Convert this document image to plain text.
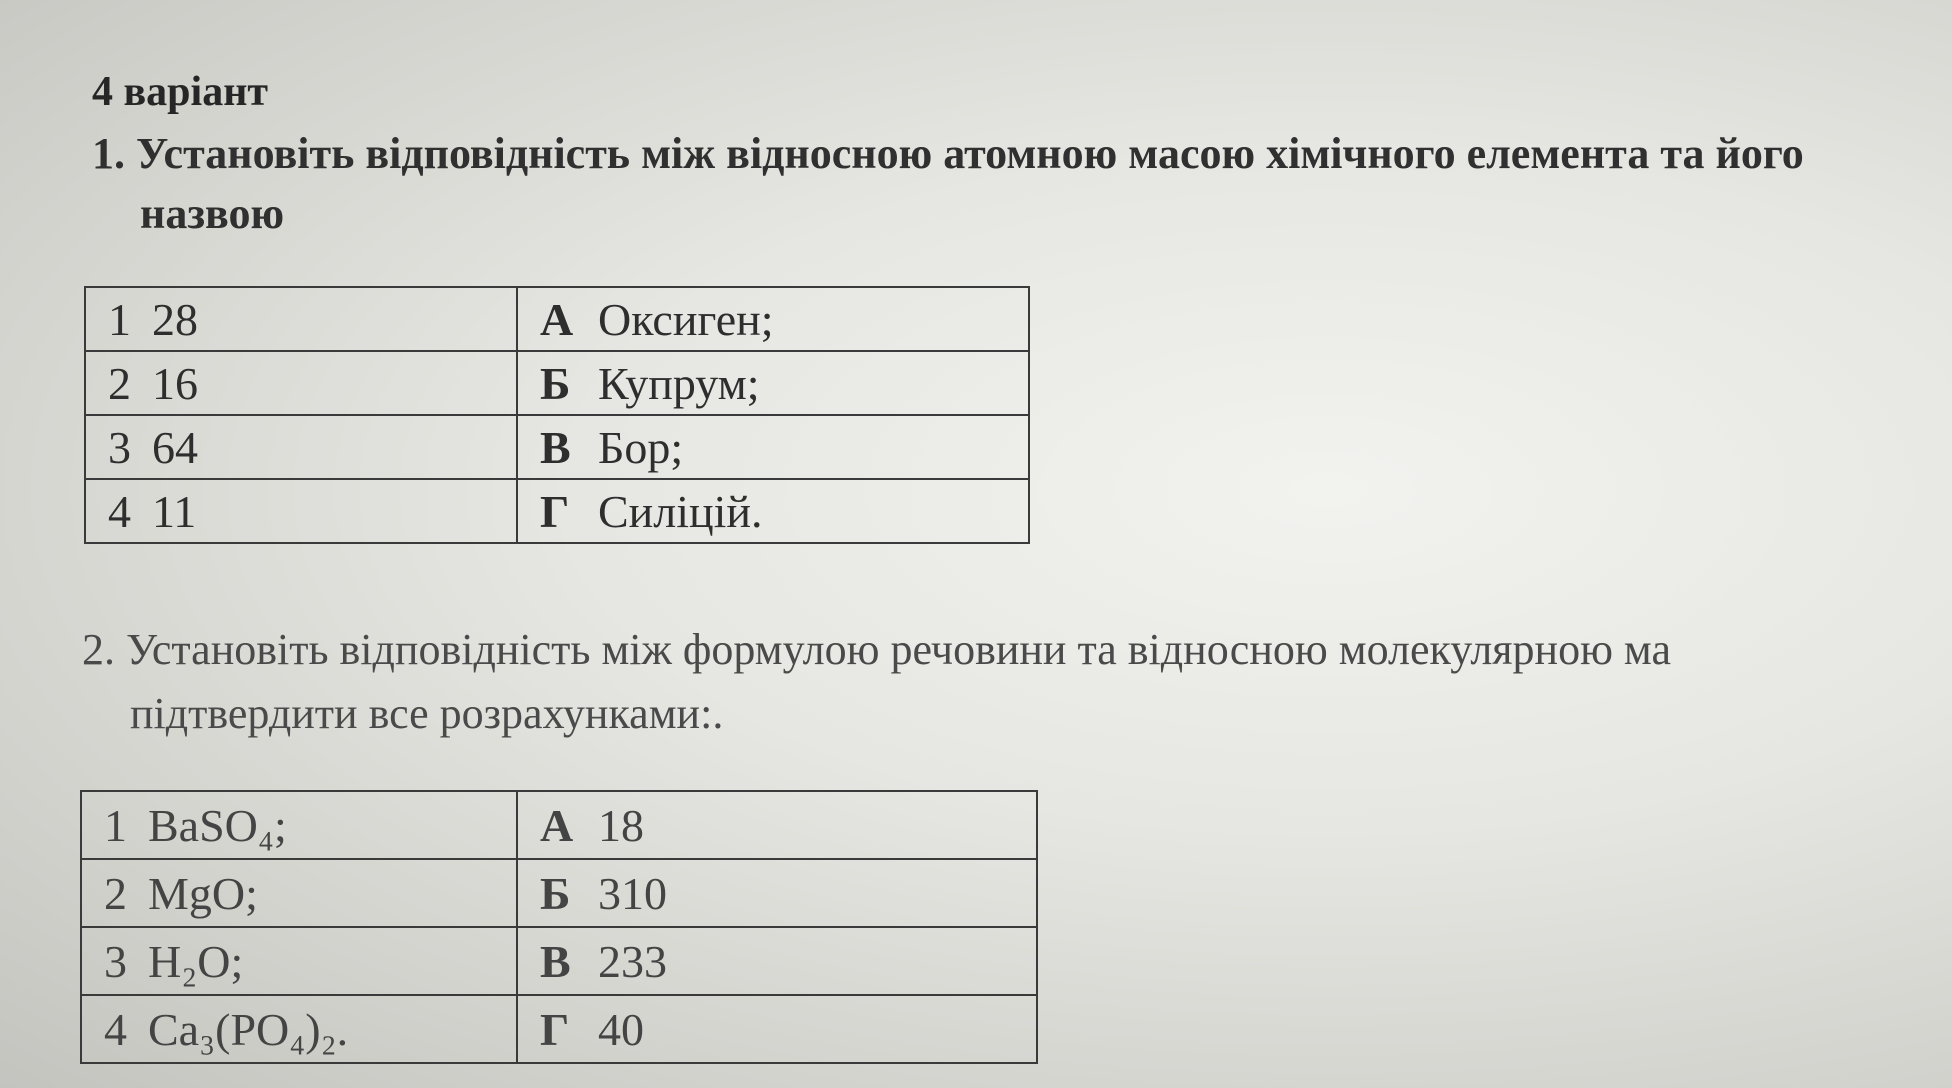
4 варіант
1. Установіть відповідність між відносною атомною масою хімічного елемента та його
назвою
1 28	А Оксиген;
2 16	Б Купрум;
3 64	В Бор;
4 11	Г Силіцій.
2. Установіть відповідність між формулою речовини та відносною молекулярною ма
підтвердити все розрахунками:.
1 BaSO₄;	А 18
2 MgO;	Б 310
3 H₂O;	В 233
4 Ca₃(PO₄)₂.	Г 40
